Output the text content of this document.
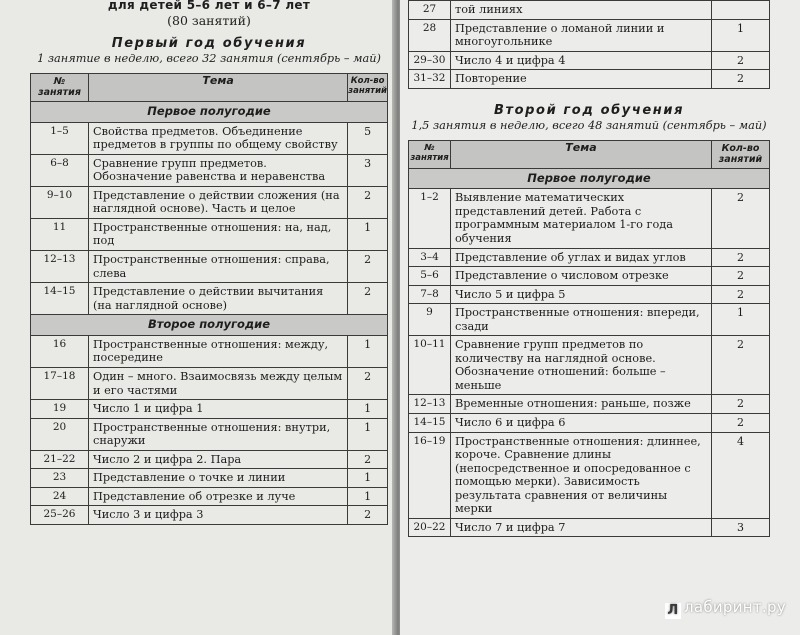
для детей 5–6 лет и 6–7 лет
(80 занятий)
Первый год обучения
1 занятие в неделю, всего 32 занятия (сентябрь – май)
№ занятия	Тема	Кол-во занятий
Первое полугодие		
1–5	Свойства предметов. Объединение предметов в группы по общему свойству	5
6–8	Сравнение групп предметов. Обозначение равенства и неравенства	3
9–10	Представление о действии сложения (на наглядной основе). Часть и целое	2
11	Пространственные отношения: на, над, под	1
12–13	Пространственные отношения: справа, слева	2
14–15	Представление о действии вычитания (на наглядной основе)	2
Второе полугодие		
16	Пространственные отношения: между, посередине	1
17–18	Один – много. Взаимосвязь между целым и его частями	2
19	Число 1 и цифра 1	1
20	Пространственные отношения: внутри, снаружи	1
21–22	Число 2 и цифра 2. Пара	2
23	Представление о точке и линии	1
24	Представление об отрезке и луче	1
25–26	Число 3 и цифра 3	2
27	той линиях	
28	Представление о ломаной линии и многоугольнике	1
29–30	Число 4 и цифра 4	2
31–32	Повторение	2
Второй год обучения
1,5 занятия в неделю, всего 48 занятий (сентябрь – май)
№ занятия	Тема	Кол-во занятий
Первое полугодие		
1–2	Выявление математических представлений детей. Работа с программным материалом 1-го года обучения	2
3–4	Представление об углах и видах углов	2
5–6	Представление о числовом отрезке	2
7–8	Число 5 и цифра 5	2
9	Пространственные отношения: впереди, сзади	1
10–11	Сравнение групп предметов по количеству на наглядной основе. Обозначение отношений: больше – меньше	2
12–13	Временные отношения: раньше, позже	2
14–15	Число 6 и цифра 6	2
16–19	Пространственные отношения: длиннее, короче. Сравнение длины (непосредственное и опосредованное с помощью мерки). Зависимость результата сравнения от величины мерки	4
20–22	Число 7 и цифра 7	3
Л лабиринт.ру
